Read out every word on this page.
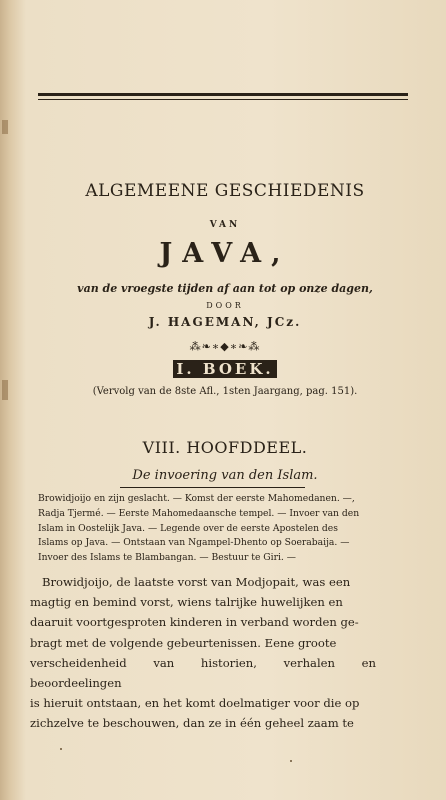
ALGEMEENE GESCHIEDENIS
VAN
JAVA,
van de vroegste tijden af aan tot op onze dagen,
DOOR
J. HAGEMAN, JCz.
⁂❧∗◆∗❧⁂
I. BOEK.
(Vervolg van de 8ste Afl., 1sten Jaargang, pag. 151).
VIII. HOOFDDEEL.
De invoering van den Islam.

Browidjoijo en zijn geslacht. — Komst der eerste Mahomedanen. —,

Radja Tjermé. — Eerste Mahomedaansche tempel. — Invoer van den

Islam in Oostelijk Java. — Legende over de eerste Apostelen des

Islams op Java. — Ontstaan van Ngampel-Dhento op Soerabaija. —

Invoer des Islams te Blambangan. — Bestuur te Giri. —

Browidjoijo, de laatste vorst van Modjopait, was een

magtig en bemind vorst, wiens talrijke huwelijken en

daaruit voortgesproten kinderen in verband worden ge-

bragt met de volgende gebeurtenissen. Eene groote

verscheidenheid van historien, verhalen en beoordeelingen

is hieruit ontstaan, en het komt doelmatiger voor die op

zichzelve te beschouwen, dan ze in één geheel zaam te
